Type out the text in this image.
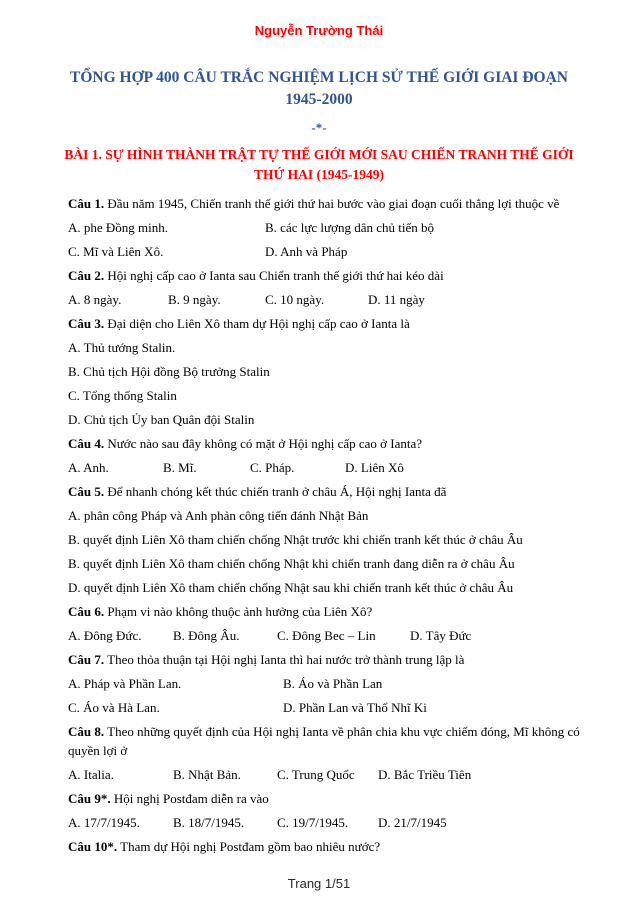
Nguyễn Trường Thái
TỔNG HỢP 400 CÂU TRẮC NGHIỆM LỊCH SỬ THẾ GIỚI GIAI ĐOẠN 1945-2000
-*-
BÀI 1. SỰ HÌNH THÀNH TRẬT TỰ THẾ GIỚI MỚI SAU CHIẾN TRANH THẾ GIỚI THỨ HAI (1945-1949)

Câu 1. Đầu năm 1945, Chiến tranh thế giới thứ hai bước vào giai đoạn cuối thắng lợi thuộc về

A. phe Đồng minh.	B. các lực lượng dân chủ tiến bộ

C. Mĩ và Liên Xô.	D. Anh và Pháp

Câu 2. Hội nghị cấp cao ở Ianta sau Chiến tranh thế giới thứ hai kéo dài

A. 8 ngày.	B. 9 ngày.	C. 10 ngày.	D. 11 ngày

Câu 3. Đại diện cho Liên Xô tham dự Hội nghị cấp cao ở Ianta là

A. Thủ tướng Stalin.

B. Chủ tịch Hội đồng Bộ trưởng Stalin

C. Tổng thống Stalin

D. Chủ tịch Ủy ban Quân đội Stalin

Câu 4. Nước nào sau đây không có mặt ở Hội nghị cấp cao ở Ianta?

A. Anh.	B. Mĩ.	C. Pháp.	D. Liên Xô

Câu 5. Để nhanh chóng kết thúc chiến tranh ở châu Á, Hội nghị Ianta đã

A. phân công Pháp và Anh phản công tiến đánh Nhật Bản

B. quyết định Liên Xô tham chiến chống Nhật trước khi chiến tranh kết thúc ở châu Âu

B. quyết định Liên Xô tham chiến chống Nhật khi chiến tranh đang diễn ra ở châu Âu

D. quyết định Liên Xô tham chiến chống Nhật sau khi chiến tranh kết thúc ở châu Âu

Câu 6. Phạm vi nào không thuộc ảnh hưởng của Liên Xô?

A. Đông Đức. B. Đông Âu.	C. Đông Bec – Lin	D. Tây Đức

Câu 7. Theo thỏa thuận tại Hội nghị Ianta thì hai nước trở thành trung lập là

A. Pháp và Phần Lan.	B. Áo và Phần Lan

C. Áo và Hà Lan.	D. Phần Lan và Thổ Nhĩ Ki

Câu 8. Theo những quyết định của Hội nghị Ianta về phân chia khu vực chiếm đóng, Mĩ không có quyền lợi ở

A. Italia.	B. Nhật Bản.	C. Trung Quốc D. Bắc Triều Tiên

Câu 9*. Hội nghị Postđam diễn ra vào

A. 17/7/1945.	B. 18/7/1945.	C. 19/7/1945. D. 21/7/1945

Câu 10*. Tham dự Hội nghị Postđam gồm bao nhiêu nước?

Trang 1/51
